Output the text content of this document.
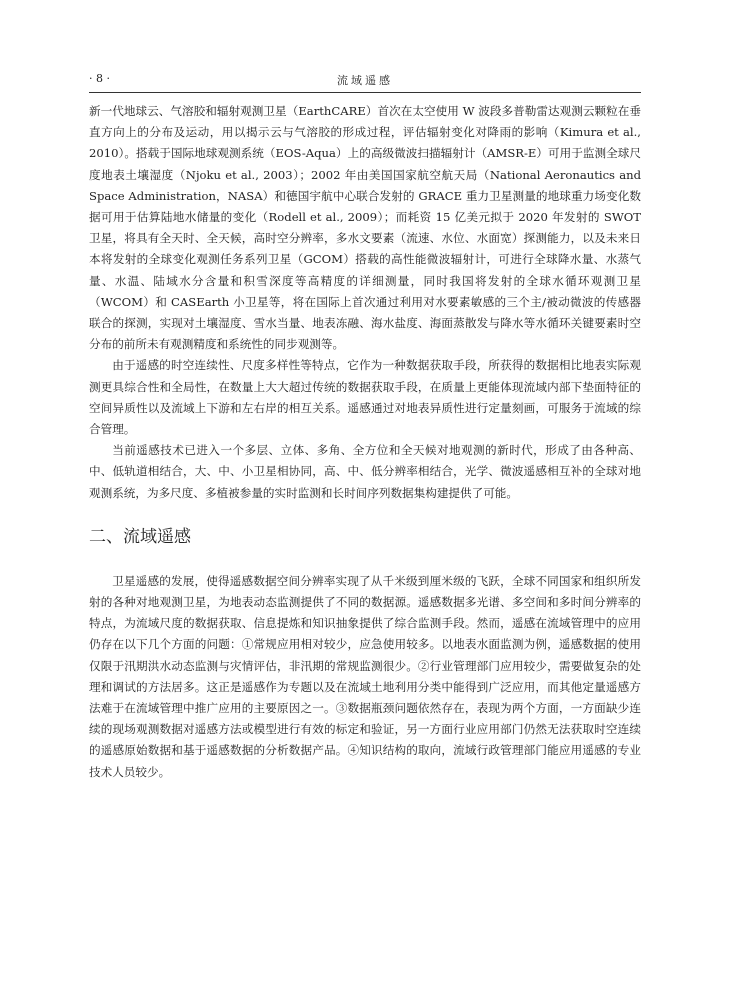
· 8 ·	流域遥感

新一代地球云、气溶胶和辐射观测卫星（EarthCARE）首次在太空使用 W 波段多普勒雷达观测云颗粒在垂直方向上的分布及运动，用以揭示云与气溶胶的形成过程，评估辐射变化对降雨的影响（Kimura et al., 2010）。搭载于国际地球观测系统（EOS-Aqua）上的高级微波扫描辐射计（AMSR-E）可用于监测全球尺度地表土壤湿度（Njoku et al., 2003）；2002 年由美国国家航空航天局（National Aeronautics and Space Administration，NASA）和德国宇航中心联合发射的 GRACE 重力卫星测量的地球重力场变化数据可用于估算陆地水储量的变化（Rodell et al., 2009）；而耗资 15 亿美元拟于 2020 年发射的 SWOT 卫星，将具有全天时、全天候，高时空分辨率，多水文要素（流速、水位、水面宽）探测能力，以及未来日本将发射的全球变化观测任务系列卫星（GCOM）搭载的高性能微波辐射计，可进行全球降水量、水蒸气量、水温、陆域水分含量和积雪深度等高精度的详细测量，同时我国将发射的全球水循环观测卫星（WCOM）和 CASEarth 小卫星等，将在国际上首次通过利用对水要素敏感的三个主/被动微波的传感器联合的探测，实现对土壤湿度、雪水当量、地表冻融、海水盐度、海面蒸散发与降水等水循环关键要素时空分布的前所未有观测精度和系统性的同步观测等。

由于遥感的时空连续性、尺度多样性等特点，它作为一种数据获取手段，所获得的数据相比地表实际观测更具综合性和全局性，在数量上大大超过传统的数据获取手段，在质量上更能体现流域内部下垫面特征的空间异质性以及流域上下游和左右岸的相互关系。遥感通过对地表异质性进行定量刻画，可服务于流域的综合管理。

当前遥感技术已进入一个多层、立体、多角、全方位和全天候对地观测的新时代，形成了由各种高、中、低轨道相结合，大、中、小卫星相协同，高、中、低分辨率相结合，光学、微波遥感相互补的全球对地观测系统，为多尺度、多植被参量的实时监测和长时间序列数据集构建提供了可能。

二、流域遥感

卫星遥感的发展，使得遥感数据空间分辨率实现了从千米级到厘米级的飞跃，全球不同国家和组织所发射的各种对地观测卫星，为地表动态监测提供了不同的数据源。遥感数据多光谱、多空间和多时间分辨率的特点，为流域尺度的数据获取、信息提炼和知识抽象提供了综合监测手段。然而，遥感在流域管理中的应用仍存在以下几个方面的问题：①常规应用相对较少，应急使用较多。以地表水面监测为例，遥感数据的使用仅限于汛期洪水动态监测与灾情评估，非汛期的常规监测很少。②行业管理部门应用较少，需要做复杂的处理和调试的方法居多。这正是遥感作为专题以及在流域土地利用分类中能得到广泛应用，而其他定量遥感方法难于在流域管理中推广应用的主要原因之一。③数据瓶颈问题依然存在，表现为两个方面，一方面缺少连续的现场观测数据对遥感方法或模型进行有效的标定和验证，另一方面行业应用部门仍然无法获取时空连续的遥感原始数据和基于遥感数据的分析数据产品。④知识结构的取向，流域行政管理部门能应用遥感的专业技术人员较少。
